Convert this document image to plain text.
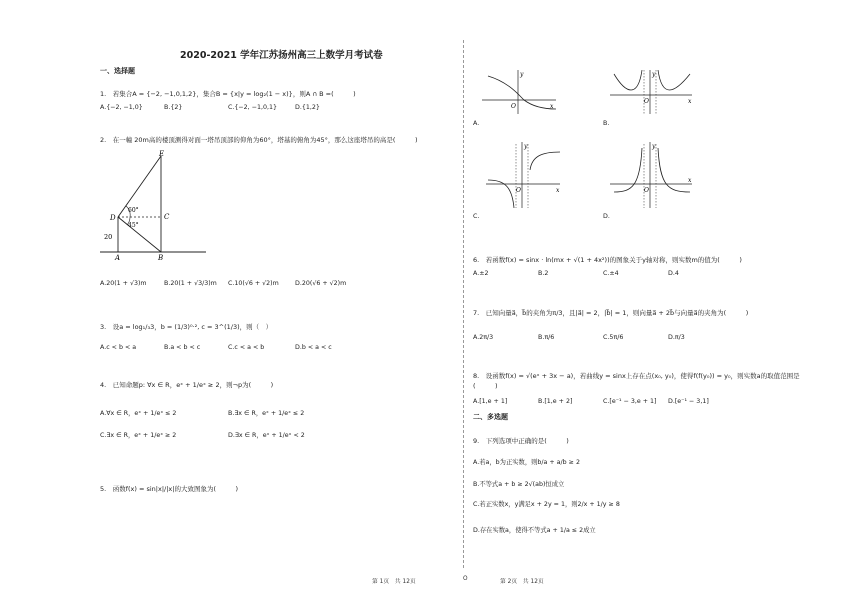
2020-2021 学年江苏扬州高三上数学月考试卷
一、选择题
1.　若集合A = {−2, −1,0,1,2}，集合B = {x|y = log₂(1 − x)}，则A ∩ B =(　　　)
A.{−2, −1,0}	B.{2}	C.{−2, −1,0,1}	D.{1,2}
2.　在一幢 20m高的楼顶测得对面一塔吊顶部的仰角为60°，塔基的俯角为45°，那么这座塔吊的高是(　　　)
E
D	C
A	B
60°
45°
20
A.20(1 + √3)m	B.20(1 + √3/3)m C.10(√6 + √2)m	D.20(√6 + √2)m
3.　设a = log₁/₃3，b = (1/3)⁰·², c = 3^(1/3)，则（　）
A.c < b < a	B.a < b < c	C.c < a < b	D.b < a < c
4.　已知命题p: ∀x ∈ R，eˣ + 1/eˣ ≥ 2，则¬p为(　　　)
A.∀x ∈ R，eˣ + 1/eˣ ≤ 2	B.∃x ∈ R，eˣ + 1/eˣ ≤ 2
C.∃x ∈ R，eˣ + 1/eˣ ≥ 2	D.∃x ∈ R，eˣ + 1/eˣ < 2
5.　函数f(x) = sin|x|/|x|的大致图象为(　　　)
y
x
O
A.
y
x
O
B.
y
x
O
C.
y
x
O
D.
6.　若函数f(x) = sinx · ln(mx + √(1 + 4x²))的图象关于y轴对称，则实数m的值为(　　　)
A.±2	B.2	C.±4	D.4
7.　已知向量a⃗，b⃗的夹角为π/3，且|a⃗| = 2，|b⃗| = 1，则向量a⃗ + 2b⃗与向量a⃗的夹角为(　　　)
A.2π/3	B.π/6	C.5π/6	D.π/3
8.　设函数f(x) = √(eˣ + 3x − a)，若曲线y = sinx上存在点(x₀, y₀)，使得f(f(y₀)) = y₀，则实数a的取值范围是
(　　　)
A.[1,e + 1]	B.[1,e + 2]	C.[e⁻¹ − 3,e + 1] D.[e⁻¹ − 3,1]
二、多选题
9.　下列选项中正确的是(　　　)
A.若a，b为正实数，则b/a + a/b ≥ 2
B.不等式a + b ≥ 2√(ab)恒成立
C.若正实数x，y满足x + 2y = 1，则2/x + 1/y ≥ 8
D.存在实数a，使得不等式a + 1/a ≤ 2成立
第 1页　共 12页	O	第 2页　共 12页
